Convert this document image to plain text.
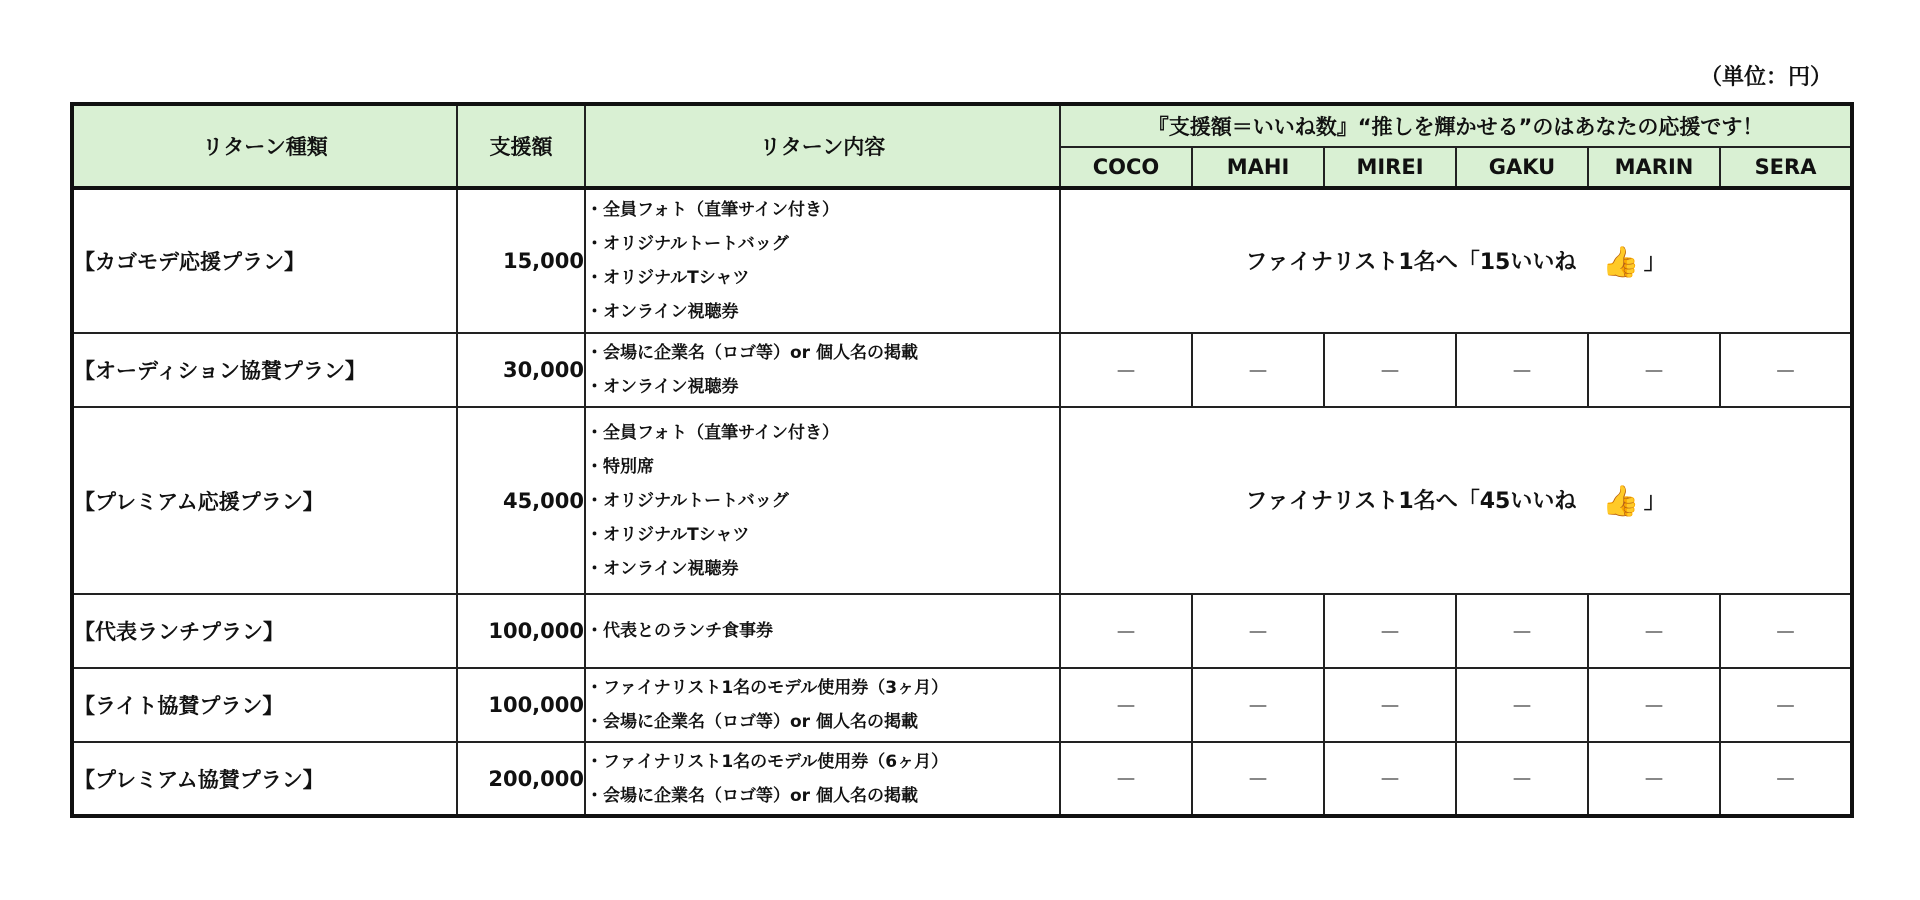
（単位：円）
リターン種類	支援額	リターン内容	『支援額＝いいね数』“推しを輝かせる”のはあなたの応援です！					
			COCO	MAHI	MIREI	GAKU	MARIN	SERA
【カゴモデ応援プラン】	15,000	・ 全員フォト（直筆サイン付き）
・ オリジナルトートバッグ
・ オリジナルTシャツ
・ オンライン視聴券	ファイナリスト1名へ「15いいね 👍 」					
【オーディション協賛プラン】	30,000	・ 会場に企業名（ロゴ等）or 個人名の掲載
・ オンライン視聴券	－	－	－	－	－	－
【プレミアム応援プラン】	45,000	・ 全員フォト（直筆サイン付き）
・ 特別席
・ オリジナルトートバッグ
・ オリジナルTシャツ
・ オンライン視聴券	ファイナリスト1名へ「45いいね 👍 」					
【代表ランチプラン】	100,000	・ 代表とのランチ食事券	－	－	－	－	－	－
【ライト協賛プラン】	100,000	・ ファイナリスト1名のモデル使用券（3ヶ月）
・ 会場に企業名（ロゴ等）or 個人名の掲載	－	－	－	－	－	－
【プレミアム協賛プラン】	200,000	・ ファイナリスト1名のモデル使用券（6ヶ月）
・ 会場に企業名（ロゴ等）or 個人名の掲載	－	－	－	－	－	－
